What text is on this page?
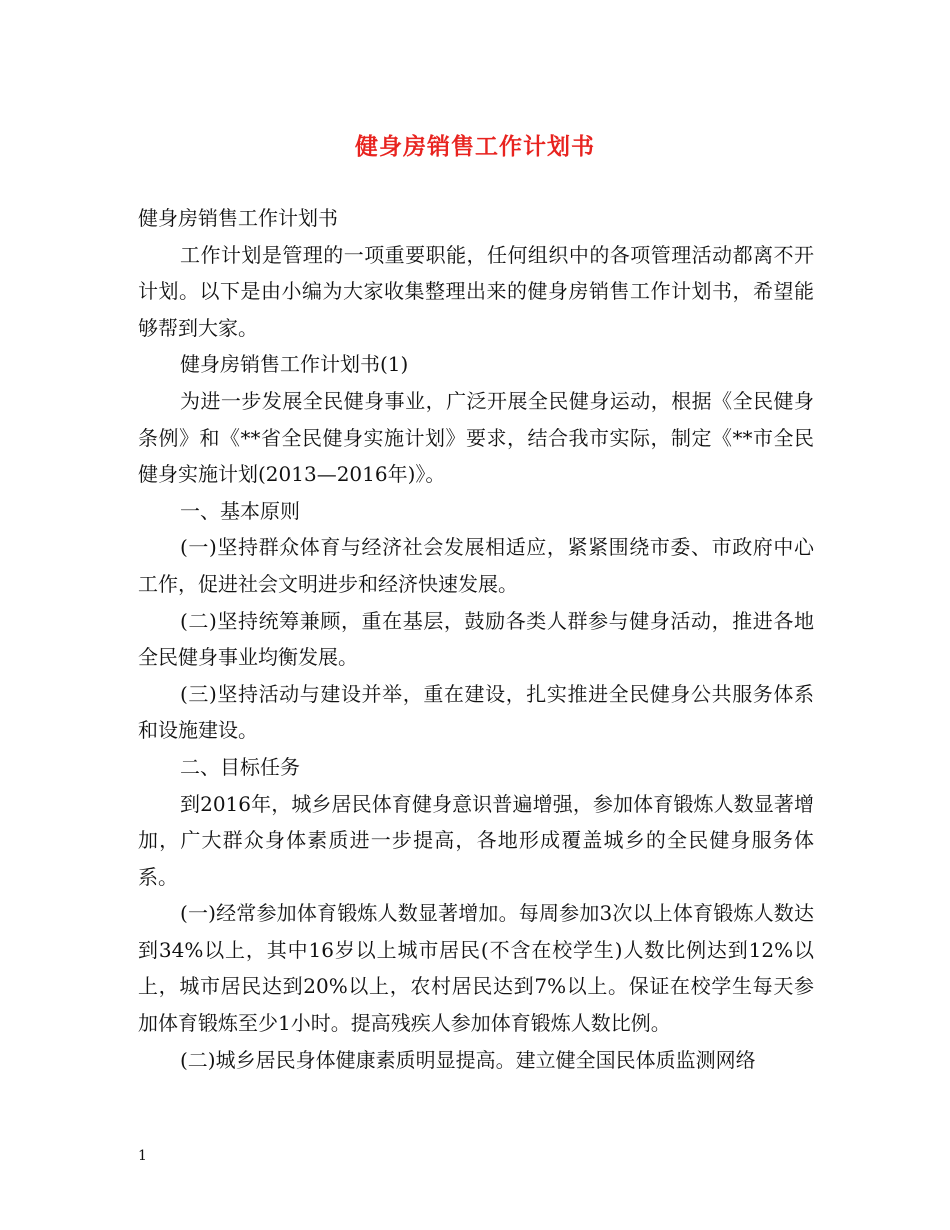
健身房销售工作计划书

健身房销售工作计划书

工作计划是管理的一项重要职能，任何组织中的各项管理活动都离不开计划。以下是由小编为大家收集整理出来的健身房销售工作计划书，希望能够帮到大家。

健身房销售工作计划书(1)

为进一步发展全民健身事业，广泛开展全民健身运动，根据《全民健身条例》和《**省全民健身实施计划》要求，结合我市实际，制定《**市全民健身实施计划(2013—2016年)》。

一、基本原则

(一)坚持群众体育与经济社会发展相适应，紧紧围绕市委、市政府中心工作，促进社会文明进步和经济快速发展。

(二)坚持统筹兼顾，重在基层，鼓励各类人群参与健身活动，推进各地全民健身事业均衡发展。

(三)坚持活动与建设并举，重在建设，扎实推进全民健身公共服务体系和设施建设。

二、目标任务

到2016年，城乡居民体育健身意识普遍增强，参加体育锻炼人数显著增加，广大群众身体素质进一步提高，各地形成覆盖城乡的全民健身服务体系。

(一)经常参加体育锻炼人数显著增加。每周参加3次以上体育锻炼人数达到34%以上，其中16岁以上城市居民(不含在校学生)人数比例达到12%以上，城市居民达到20%以上，农村居民达到7%以上。保证在校学生每天参加体育锻炼至少1小时。提高残疾人参加体育锻炼人数比例。

(二)城乡居民身体健康素质明显提高。建立健全国民体质监测网络

1
